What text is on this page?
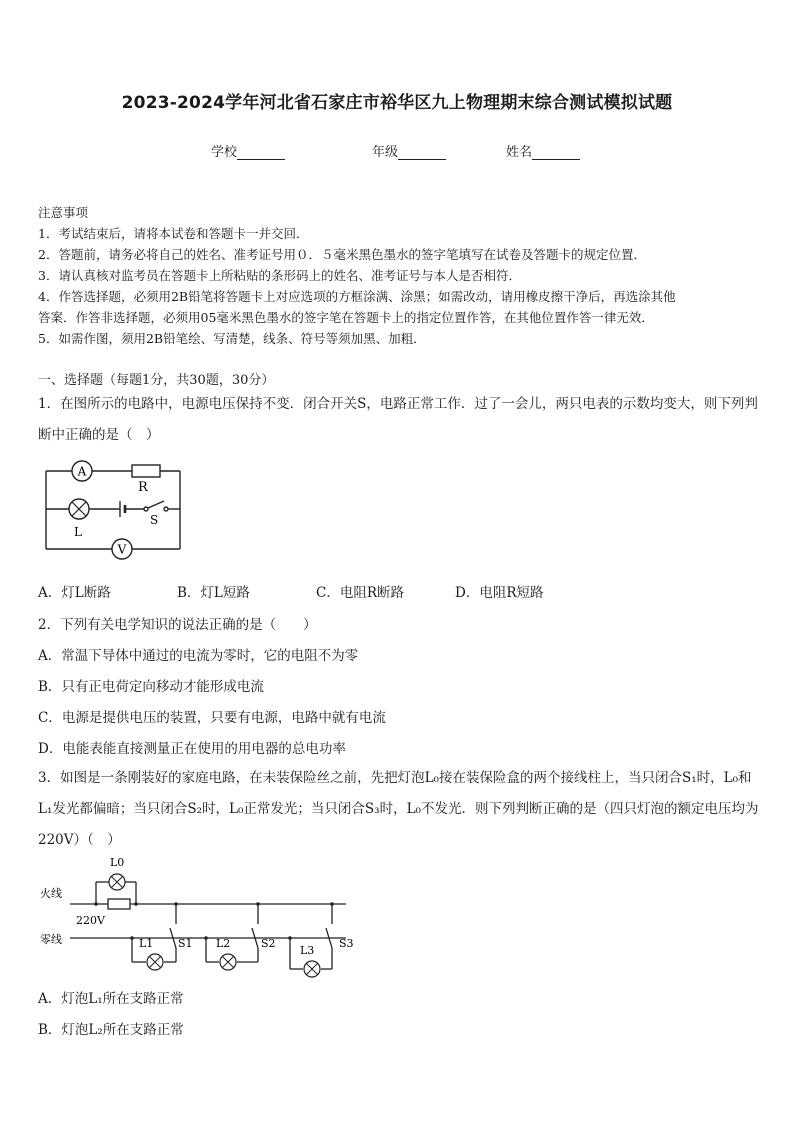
2023-2024学年河北省石家庄市裕华区九上物理期末综合测试模拟试题
学校	年级	姓名
注意事项
1．考试结束后，请将本试卷和答题卡一并交回．
2．答题前，请务必将自己的姓名、准考证号用０．５毫米黑色墨水的签字笔填写在试卷及答题卡的规定位置．
3．请认真核对监考员在答题卡上所粘贴的条形码上的姓名、准考证号与本人是否相符．
4．作答选择题，必须用2B铅笔将答题卡上对应选项的方框涂满、涂黑；如需改动，请用橡皮擦干净后，再选涂其他
答案．作答非选择题，必须用05毫米黑色墨水的签字笔在答题卡上的指定位置作答，在其他位置作答一律无效．
5．如需作图，须用2B铅笔绘、写清楚，线条、符号等须加黑、加粗．
一、选择题（每题1分，共30题，30分）
1．在图所示的电路中，电源电压保持不变．闭合开关S，电路正常工作．过了一会儿，两只电表的示数均变大，则下列判断中正确的是（　）
A
R
L
S
V
A．灯L断路	B．灯L短路	C．电阻R断路	D．电阻R短路
2．下列有关电学知识的说法正确的是（　　）
A．常温下导体中通过的电流为零时，它的电阻不为零
B．只有正电荷定向移动才能形成电流
C．电源是提供电压的装置，只要有电源，电路中就有电流
D．电能表能直接测量正在使用的用电器的总电功率
3．如图是一条刚装好的家庭电路，在未装保险丝之前，先把灯泡L₀接在装保险盒的两个接线柱上，当只闭合S₁时，L₀和L₁发光都偏暗；当只闭合S₂时，L₀正常发光；当只闭合S₃时，L₀不发光．则下列判断正确的是（四只灯泡的额定电压均为220V）（　）
L0
火线
220V
零线	L1 S1 L2	S2
L3
S3
A．灯泡L₁所在支路正常
B．灯泡L₂所在支路正常
